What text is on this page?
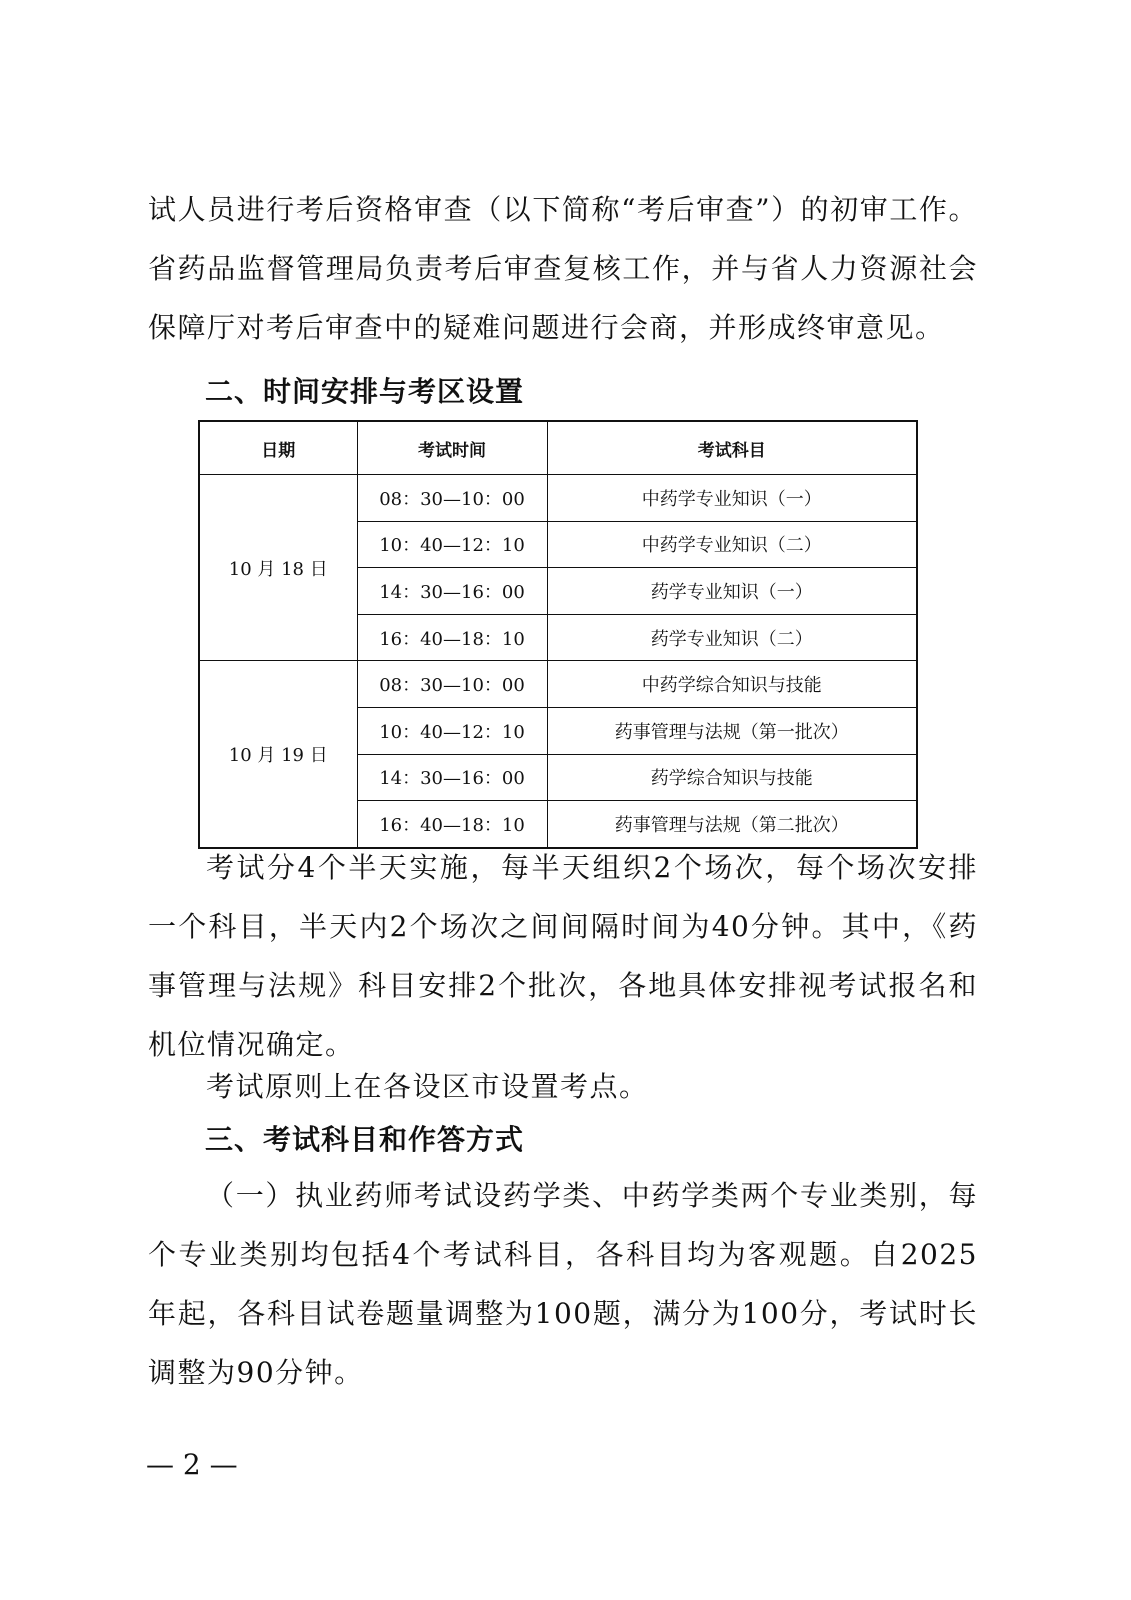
试人员进行考后资格审查（以下简称“考后审查”）的初审工作。省药品监督管理局负责考后审查复核工作，并与省人力资源社会保障厅对考后审查中的疑难问题进行会商，并形成终审意见。

二、时间安排与考区设置
日期	考试时间	考试科目
10 月 18 日	08：30—10：00	中药学专业知识（一）
	10：40—12：10	中药学专业知识（二）
	14：30—16：00	药学专业知识（一）
	16：40—18：10	药学专业知识（二）
10 月 19 日	08：30—10：00	中药学综合知识与技能
	10：40—12：10	药事管理与法规（第一批次）
	14：30—16：00	药学综合知识与技能
	16：40—18：10	药事管理与法规（第二批次）

考试分4个半天实施，每半天组织2个场次，每个场次安排一个科目，半天内2个场次之间间隔时间为40分钟。其中，《药事管理与法规》科目安排2个批次，各地具体安排视考试报名和机位情况确定。

考试原则上在各设区市设置考点。

三、考试科目和作答方式

（一）执业药师考试设药学类、中药学类两个专业类别，每个专业类别均包括4个考试科目，各科目均为客观题。自2025年起，各科目试卷题量调整为100题，满分为100分，考试时长调整为90分钟。

— 2 —
